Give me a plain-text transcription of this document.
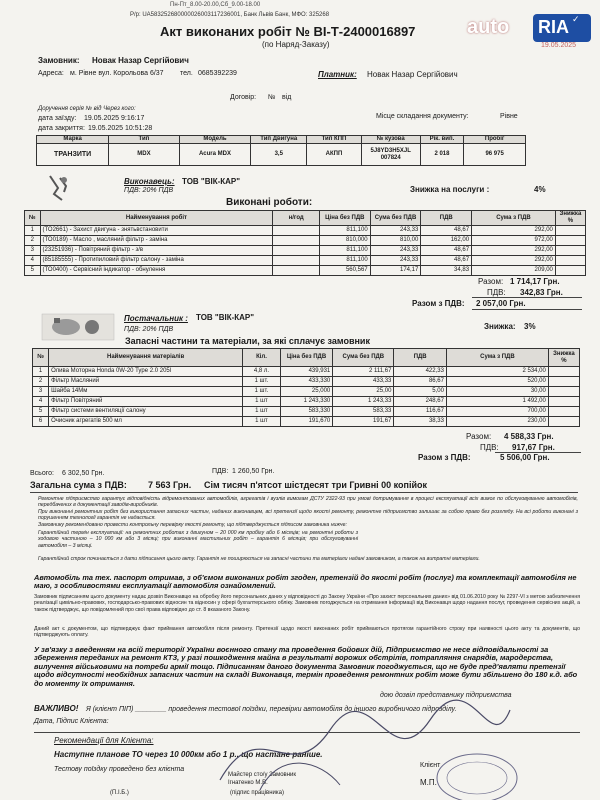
Пн-Пт_8.00-20.00,Сб_9.00-18.00
Р/р: UA583252680000026003117236001, Банк Львів Банк, МФО: 325268
auto RIA ✓
19.05.2025
Акт виконаних робіт № ВІ-Т-2400016897
(по Наряд-Заказу)
Замовник: Новак Назар Сергійович
Адреса: м. Рівне вул. Корольова 6/37 тел. 0685392239	Платник: Новак Назар Сергійович
Договір: № від
Доручення серія № від Через кого:
дата заїзду: 19.05.2025 9:16:17
дата закриття: 19.05.2025 10:51:28
Місце складання документу:	Рівне
Марка	Тип	Модель	Тип Двигуна	Тип КПП	№ кузова	Рік. вип.	Пробіг
ТРАНЗИТИ	MDX	Acura MDX	3,5	АКПП	5J8YD3H5XJL 007824	2 018	96 975
Виконавець: ТОВ "ВІК-КАР"
ПДВ: 20% ПДВ	Знижка на послуги :	4%
Виконані роботи:
№	Найменування робіт	н/год	Ціна без ПДВ	Сума без ПДВ	ПДВ	Сума з ПДВ	Знижка %
1	(ТО2661) - Захист двигуна - знятьвстановити		811,100	243,33	48,67	292,00	
2	(ТО0189) - Масло , масляний фільтр - заміна		810,000	810,00	162,00	972,00	
3	(23251936) - Повітряний фільтр - з/в		811,100	243,33	48,67	292,00	
4	(85185555) - Протипиловий фільтр салону - заміна		811,100	243,33	48,67	292,00	
5	(ТО0400) - Сервісний індикатор - обнулення		560,567	174,17	34,83	209,00	
Разом: 1 714,17 Грн.
ПДВ: 342,83 Грн.
Разом з ПДВ: 2 057,00 Грн.
Постачальник : ТОВ "ВІК-КАР"
ПДВ: 20% ПДВ	Знижка: 3%
Запасні частини та матеріали, за які сплачує замовник
№	Найменування матеріалів	Кіл.	Ціна без ПДВ	Сума без ПДВ	ПДВ	Сума з ПДВ	Знижка %
1	Олива Моторна Honda 0W-20 Type 2.0 205l	4,8 л.	439,931	2 111,67	422,33	2 534,00	
2	Фільтр Масляний	1 шт.	433,330	433,33	86,67	520,00	
3	Шайба 14Мм	1 шт.	25,000	25,00	5,00	30,00	
4	Фільтр Повітряний	1 шт	1 243,330	1 243,33	248,67	1 492,00	
5	Фільтр системи вентиляції салону	1 шт	583,330	583,33	116,67	700,00	
6	Очисник агрегатів 500 мл	1 шт	191,670	191,67	38,33	230,00	
Разом: 4 588,33 Грн.
ПДВ: 917,67 Грн.
Разом з ПДВ:	5 506,00 Грн.
Всього: 6 302,50 Грн.	ПДВ: 1 260,50 Грн.
Загальна сума з ПДВ: 7 563 Грн. Сім тисяч п'ятсот шістдесят три Гривні 00 копійок
Ремонтне підприємство гарантує відповідність відремонтованих автомобілів, агрегатів і вузлів вимогам ДСТУ 2322-93 при умові дотримування в процесі експлуатації всіх вимог по обслуговуванню автомобілів, передбачених в документації заводів-виробників.
При виконанні ремонтних робіт без використання запасних частин, наданих виконавцем, всі претензії щодо якості ремонту, ремонтне підприємство залишає за собою право без розгляду. На всі роботи виконані з порушенням технології гарантія не надається.
Замовнику рекомендовано провести контрольну перевірку якості ремонту, що підтверджується підписом замовника нижче:
Гарантійний термін експлуатації: на ремонтних роботах з двигуном – 20 000 км пробігу або 6 місяців; на ремонтні роботи з ходовою частиною – 10 000 км або 3 місяці; при виконанні мастильних робіт – гарантія 6 місяців; при обслуговуванні автомобіля – 3 місяці.
Гарантійний строк починається з дати підписання цього акту. Гарантія не поширюється на запасні частини та матеріали надані замовником, а також на витратні матеріали.
Автомобіль та тех. паспорт отримав, з об'ємом виконаних робіт згоден, претензій до якості робіт (послуг) та комплектації автомобіля не маю, з особливостями експлуатації автомобіля ознайомлений.
Замовник підписанням цього документу надає дозвіл Виконавцю на обробку його персональних даних у відповідності до Закону України «Про захист персональних даних» від 01.06.2010 року № 2297-VI з метою забезпечення реалізації цивільно-правових, господарсько-правових відносин та відносин у сфері бухгалтерського обліку. Замовник погоджується на отримання інформації від Виконавця щодо надання послуг, проведення сервісних акцій, а також підтверджує, що повідомлений про свої права відповідно до ст. 8 вказаного Закону.
Даний акт є документом, що підтверджує факт приймання автомобіля після ремонту. Претензії щодо якості виконаних робіт приймаються протягом гарантійного строку при наявності цього акту та документів, що підтверджують оплату.
У зв'язку з введенням на всій території України воєнного стану та проведення бойових дій, Підприємство не несе відповідальності за збереження переданих на ремонт КТЗ, у разі пошкодження майна в результаті ворожих обстрілів, потрапляння снарядів, мародерства, вилучення військовими на потреби армії тощо. Підписанням даного документа Замовник погоджується, що не буде пред'являти претензії щодо відсутності необхідних запасних частин на складі Виконавця, термін проведення ремонтних робіт може бути збільшено до 180 к.д. або до моменту їх отримання.
дою дозвіл представнику підприємства
ВАЖЛИВО! Я (клієнт ПІП) ________ проведення тестової поїздки, перевірки автомобіля до іншого виробничого підрозділу.
Дата, Підпис Клієнта:
Рекомендації для Клієнта:
Наступне планове ТО через 10 000км або 1 р., що настане раніше.
Тестову поїздку проведено без клієнта
Майстер сто/у Замовник
Ігнатенко М.В.
(підпис працівника)
(П.І.Б.)
М.П.
Клієнт
